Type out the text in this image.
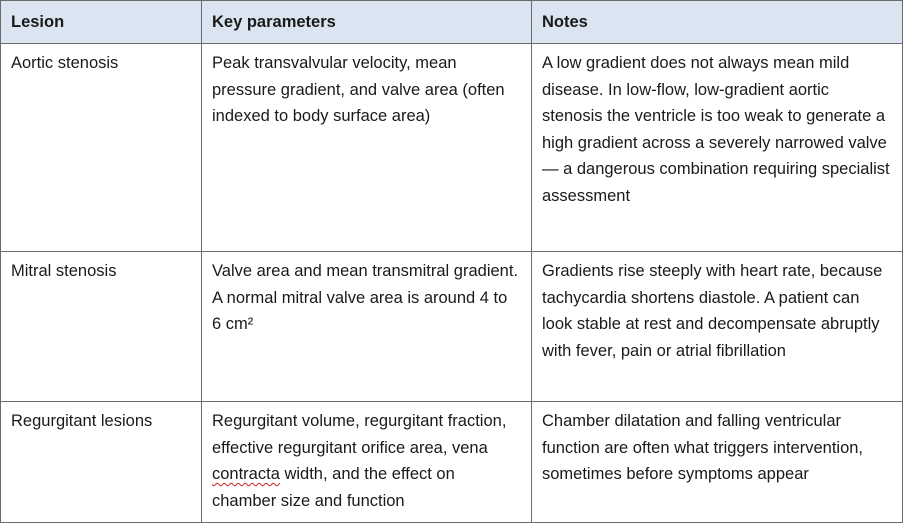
Lesion	Key parameters	Notes
Aortic stenosis	Peak transvalvular velocity, mean pressure gradient, and valve area (often indexed to body surface area)	A low gradient does not always mean mild disease. In low-flow, low-gradient aortic stenosis the ventricle is too weak to generate a high gradient across a severely narrowed valve — a dangerous combination requiring specialist assessment
Mitral stenosis	Valve area and mean transmitral gradient. A normal mitral valve area is around 4 to 6 cm²	Gradients rise steeply with heart rate, because tachycardia shortens diastole. A patient can look stable at rest and decompensate abruptly with fever, pain or atrial fibrillation
Regurgitant lesions	Regurgitant volume, regurgitant fraction, effective regurgitant orifice area, vena contracta width, and the effect on chamber size and function	Chamber dilatation and falling ventricular function are often what triggers intervention, sometimes before symptoms appear
